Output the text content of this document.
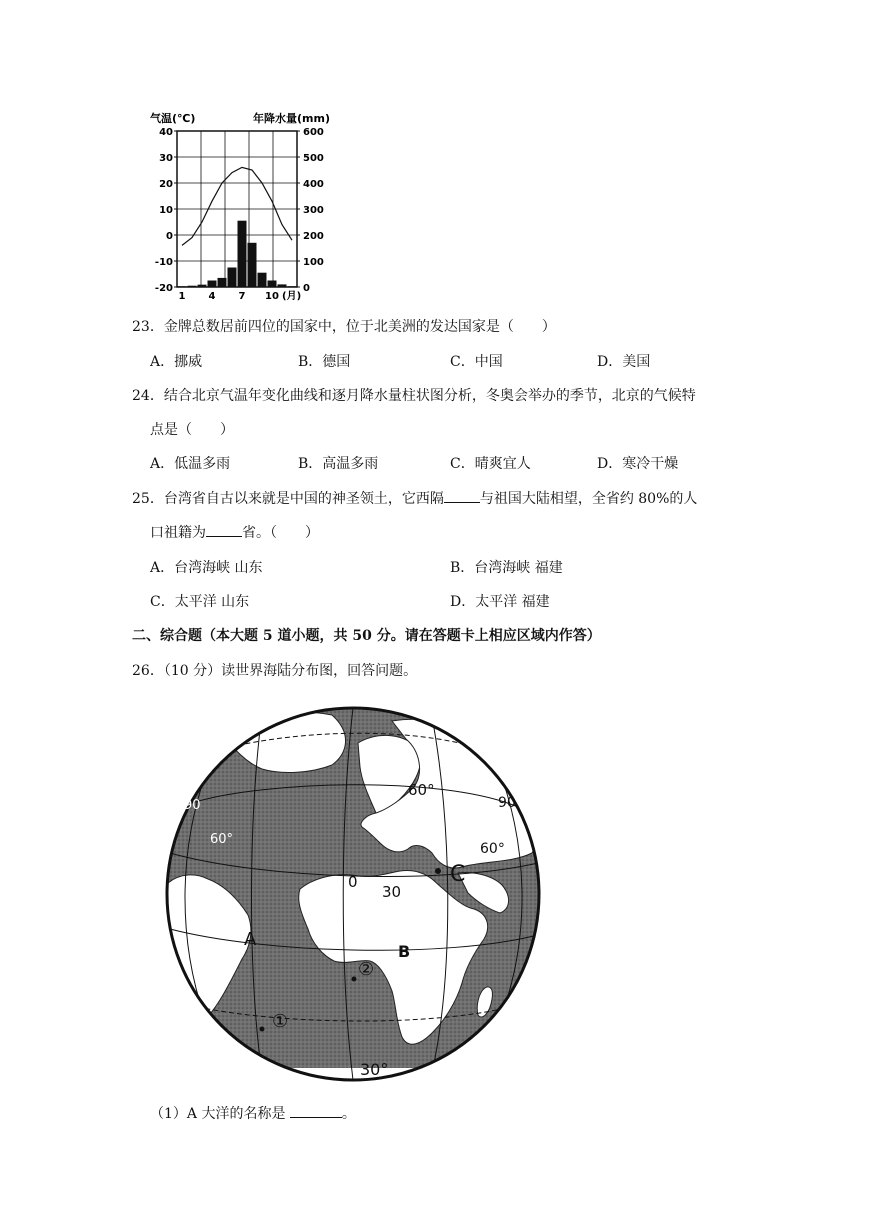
气温(℃)	年降水量(mm)
40
30
20
10
0
-10
-20
600
500
400
300
200
100
0
1 4 7 10 (月)
23．金牌总数居前四位的国家中，位于北美洲的发达国家是（　　）
A．挪威	B．德国	C．中国	D．美国
24．结合北京气温年变化曲线和逐月降水量柱状图分析，冬奥会举办的季节，北京的气候特
点是（　　）
A．低温多雨	B．高温多雨	C．晴爽宜人	D．寒冷干燥
25．台湾省自古以来就是中国的神圣领土，它西隔	与祖国大陆相望，全省约 80%的人
口祖籍为	省。（　　）
A．台湾海峡 山东	B．台湾海峡 福建
C．太平洋 山东	D．太平洋 福建
二、综合题（本大题 5 道小题，共 50 分。请在答题卡上相应区域内作答）
26．（10 分）读世界海陆分布图，回答问题。
A
B
C
①
②
30°
60°
0
30
60°
90
60°
90
（1）A 大洋的名称是	。
